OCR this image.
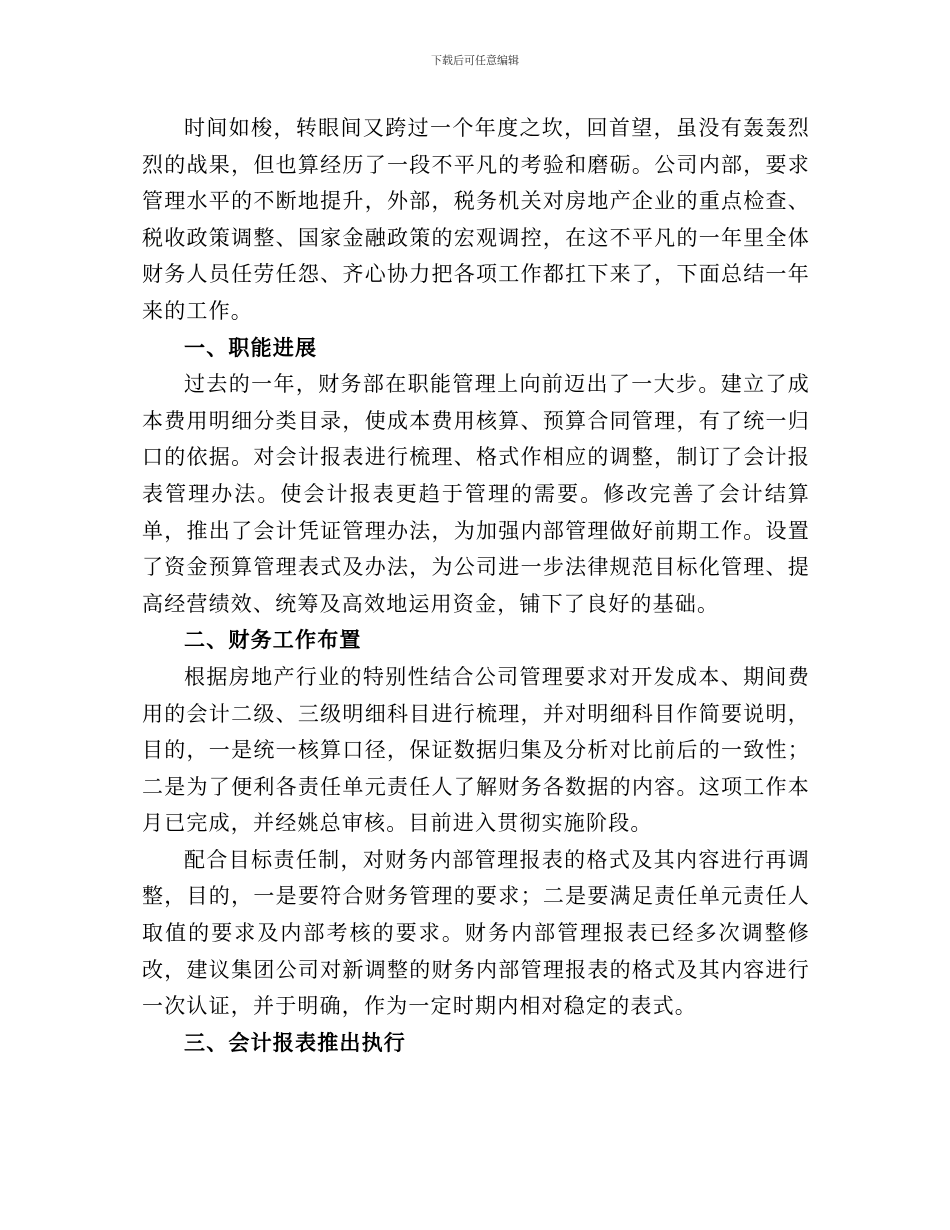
下载后可任意编辑

时间如梭，转眼间又跨过一个年度之坎，回首望，虽没有轰轰烈烈的战果，但也算经历了一段不平凡的考验和磨砺。公司内部，要求管理水平的不断地提升，外部，税务机关对房地产企业的重点检查、税收政策调整、国家金融政策的宏观调控，在这不平凡的一年里全体财务人员任劳任怨、齐心协力把各项工作都扛下来了，下面总结一年来的工作。

一、职能进展

过去的一年，财务部在职能管理上向前迈出了一大步。建立了成本费用明细分类目录，使成本费用核算、预算合同管理，有了统一归口的依据。对会计报表进行梳理、格式作相应的调整，制订了会计报表管理办法。使会计报表更趋于管理的需要。修改完善了会计结算单，推出了会计凭证管理办法，为加强内部管理做好前期工作。设置了资金预算管理表式及办法，为公司进一步法律规范目标化管理、提高经营绩效、统筹及高效地运用资金，铺下了良好的基础。

二、财务工作布置

根据房地产行业的特别性结合公司管理要求对开发成本、期间费用的会计二级、三级明细科目进行梳理，并对明细科目作简要说明，目的，一是统一核算口径，保证数据归集及分析对比前后的一致性；二是为了便利各责任单元责任人了解财务各数据的内容。这项工作本月已完成，并经姚总审核。目前进入贯彻实施阶段。

配合目标责任制，对财务内部管理报表的格式及其内容进行再调整，目的，一是要符合财务管理的要求；二是要满足责任单元责任人取值的要求及内部考核的要求。财务内部管理报表已经多次调整修改，建议集团公司对新调整的财务内部管理报表的格式及其内容进行一次认证，并于明确，作为一定时期内相对稳定的表式。

三、会计报表推出执行
